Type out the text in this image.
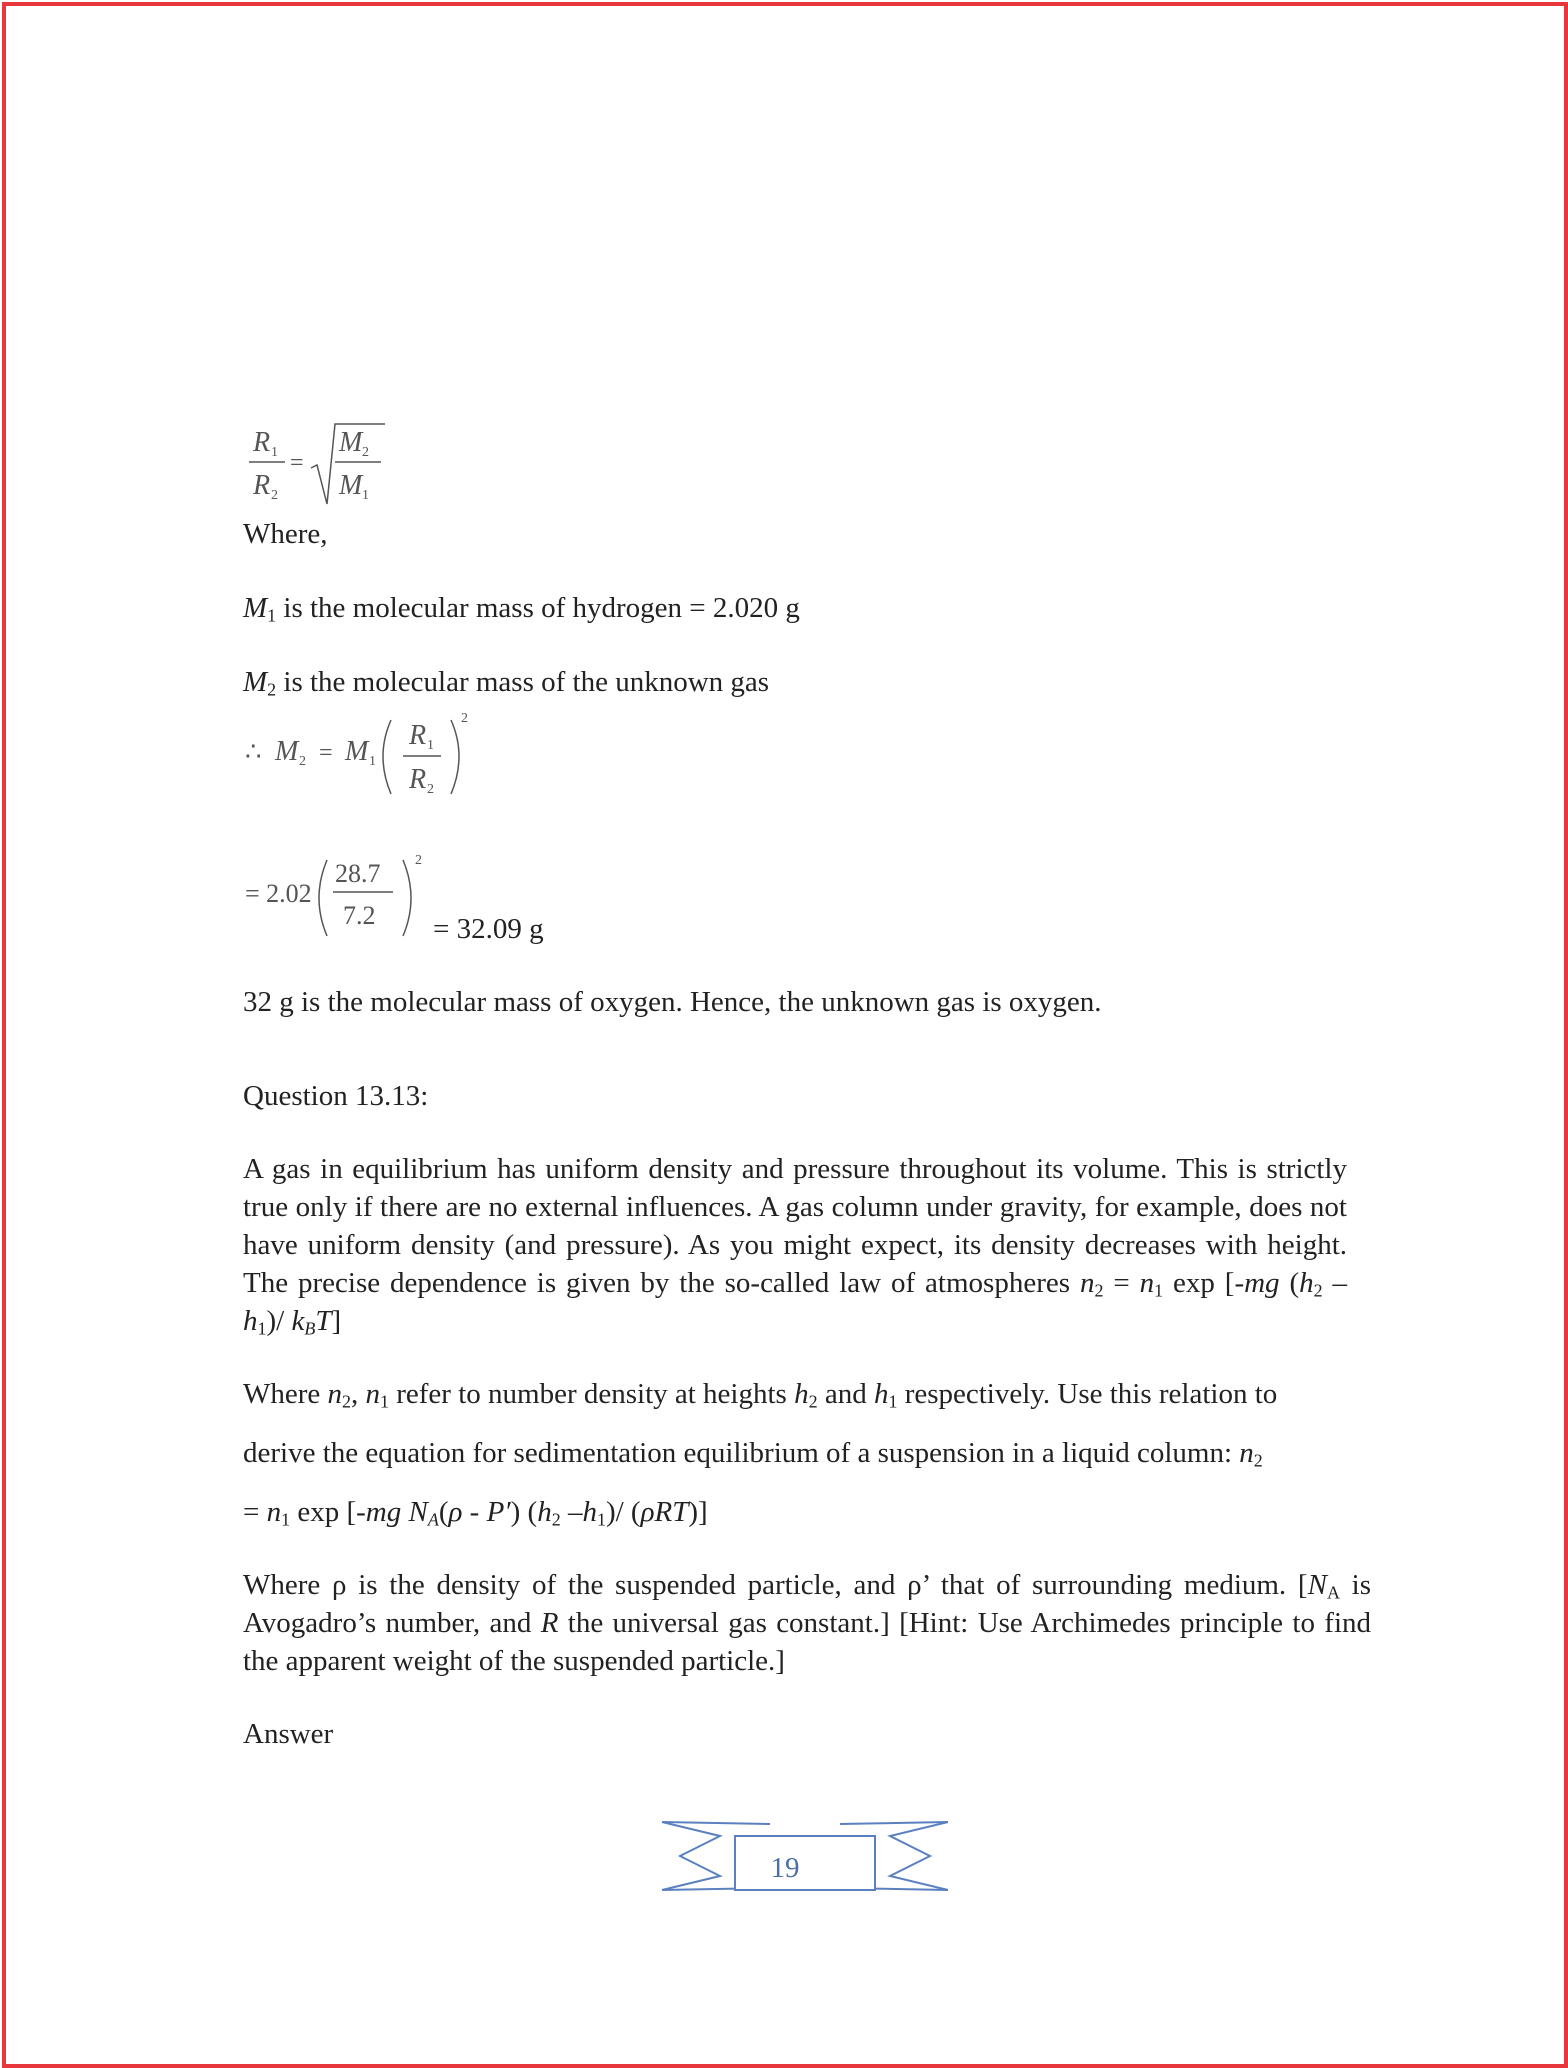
R 1
R 2
=
M 2
M 1
Where,
$M_1$ is the molecular mass of hydrogen = 2.020 g
$M_2$ is the molecular mass of the unknown gas
∴ M 2 = M 1
R 1
R 2
2
= 2.02
28.7
7.2
2
= 32.09 g
32 g is the molecular mass of oxygen. Hence, the unknown gas is oxygen.
Question 13.13:
A gas in equilibrium has uniform density and pressure throughout its volume. This is strictly true only if there are no external influences. A gas column under gravity, for example, does not have uniform density (and pressure). As you might expect, its density decreases with height. The precise dependence is given by the so-called law of atmospheres $n_2 = n_1$ exp [-mg $(h_2 - h_1)/$ $k_BT$]
Where $n_2$, $n_1$ refer to number density at heights $h_2$ and $h_1$ respectively. Use this relation to
derive the equation for sedimentation equilibrium of a suspension in a liquid column: $n_2$
= $n_1$ exp [-mg $N_A(\rho - P')$ ($h_2$ $-h_1)/$ (ρRT)]
Where ρ is the density of the suspended particle, and ρ’ that of surrounding medium. [$N_A$ is Avogadro’s number, and R the universal gas constant.] [Hint: Use Archimedes principle to find the apparent weight of the suspended particle.]
Answer
19
